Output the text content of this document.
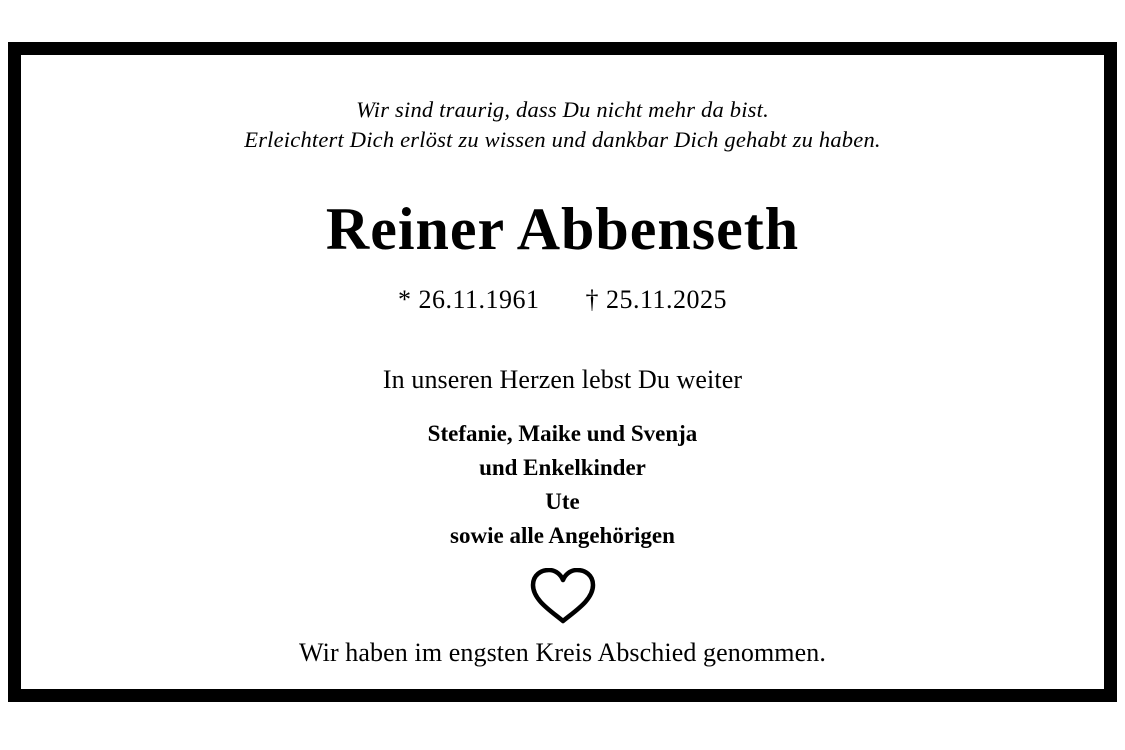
Wir sind traurig, dass Du nicht mehr da bist.
Erleichtert Dich erlöst zu wissen und dankbar Dich gehabt zu haben.
Reiner Abbenseth
* 26.11.1961 † 25.11.2025
In unseren Herzen lebst Du weiter
Stefanie, Maike und Svenja
und Enkelkinder
Ute
sowie alle Angehörigen
Wir haben im engsten Kreis Abschied genommen.
